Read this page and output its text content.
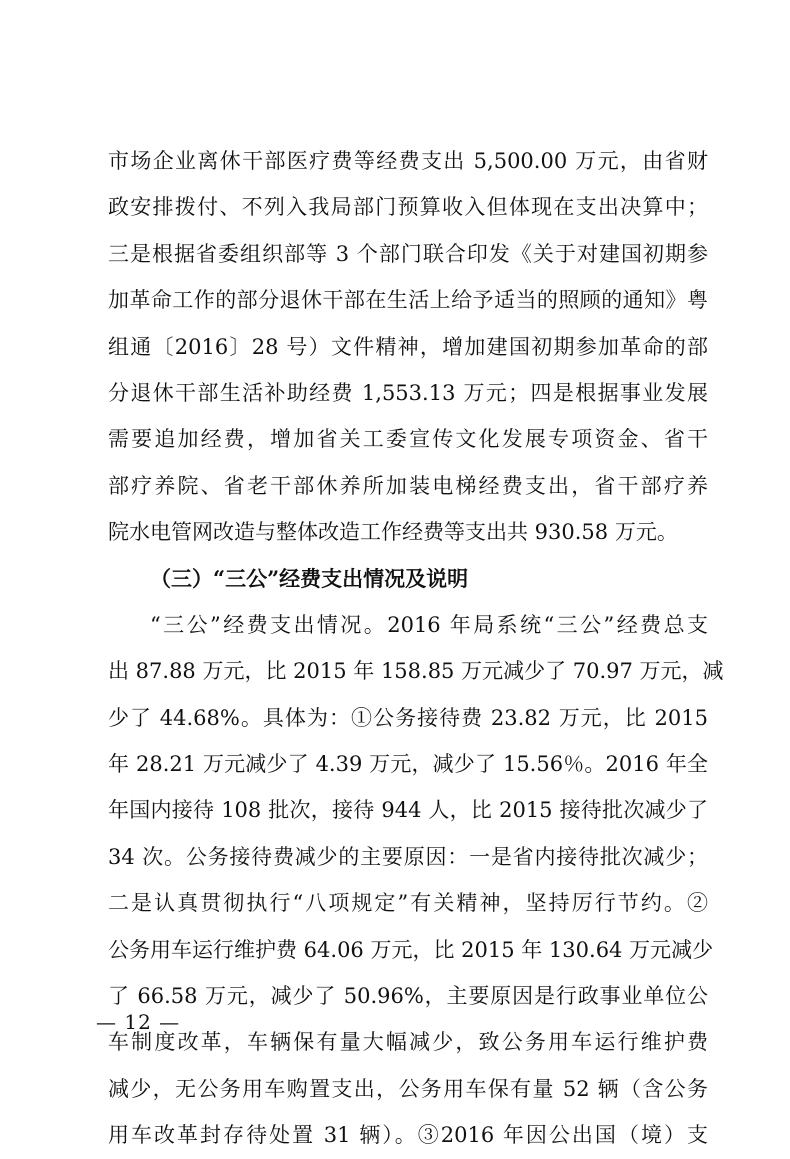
市场企业离休干部医疗费等经费支出 5,500.00 万元，由省财
政安排拨付、不列入我局部门预算收入但体现在支出决算中；
三是根据省委组织部等 3 个部门联合印发《关于对建国初期参
加革命工作的部分退休干部在生活上给予适当的照顾的通知》粤
组通〔2016〕28 号）文件精神，增加建国初期参加革命的部
分退休干部生活补助经费 1,553.13 万元；四是根据事业发展
需要追加经费，增加省关工委宣传文化发展专项资金、省干
部疗养院、省老干部休养所加装电梯经费支出，省干部疗养
院水电管网改造与整体改造工作经费等支出共 930.58 万元。
（三）“三公”经费支出情况及说明
“三公”经费支出情况。2016 年局系统“三公”经费总支
出 87.88 万元，比 2015 年 158.85 万元减少了 70.97 万元，减
少了 44.68%。具体为：①公务接待费 23.82 万元，比 2015
年 28.21 万元减少了 4.39 万元，减少了 15.56％。2016 年全
年国内接待 108 批次，接待 944 人，比 2015 接待批次减少了
34 次。公务接待费减少的主要原因：一是省内接待批次减少；
二是认真贯彻执行“八项规定”有关精神，坚持厉行节约。②
公务用车运行维护费 64.06 万元，比 2015 年 130.64 万元减少
了 66.58 万元，减少了 50.96%，主要原因是行政事业单位公
车制度改革，车辆保有量大幅减少，致公务用车运行维护费
减少，无公务用车购置支出，公务用车保有量 52 辆（含公务
用车改革封存待处置 31 辆）。③2016 年因公出国（境）支
— 12 —
